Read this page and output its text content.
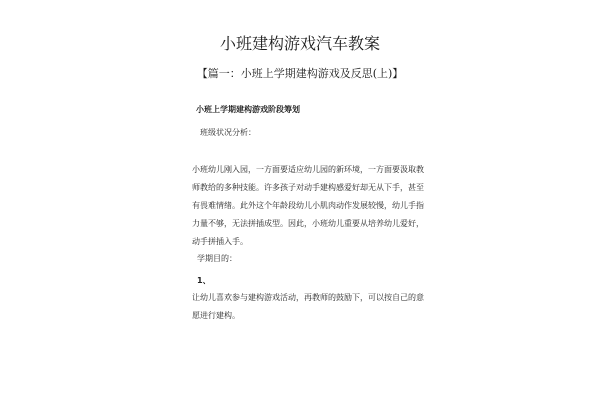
小班建构游戏汽车教案
【篇一：小班上学期建构游戏及反思(上)】
小班上学期建构游戏阶段筹划
班级状况分析：
小班幼儿刚入园，一方面要适应幼儿园的新环境，一方面要汲取教
师教给的多种技能。许多孩子对动手建构感爱好却无从下手，甚至
有畏难情绪。此外这个年龄段幼儿小肌肉动作发展较慢，幼儿手指
力量不够，无法拼插成型。因此，小班幼儿重要从培养幼儿爱好，
动手拼插入手。
学期目的：
1、
让幼儿喜欢参与建构游戏活动，再教师的鼓励下，可以按自己的意
愿进行建构。
